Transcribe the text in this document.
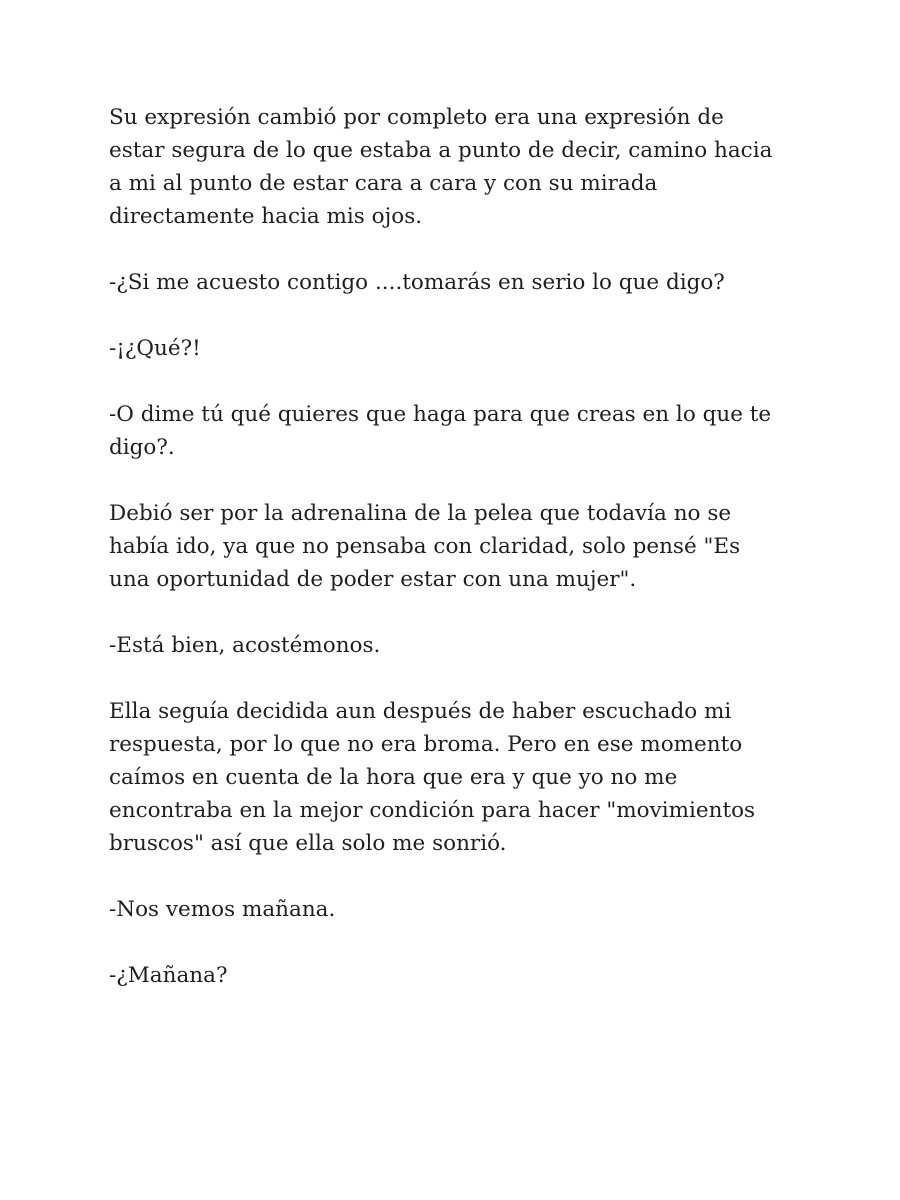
Su expresión cambió por completo era una expresión de
estar segura de lo que estaba a punto de decir, camino hacia
a mi al punto de estar cara a cara y con su mirada
directamente hacia mis ojos.

-¿Si me acuesto contigo ....tomarás en serio lo que digo?

-¡¿Qué?!

-O dime tú qué quieres que haga para que creas en lo que te
digo?.

Debió ser por la adrenalina de la pelea que todavía no se
había ido, ya que no pensaba con claridad, solo pensé "Es
una oportunidad de poder estar con una mujer".

-Está bien, acostémonos.

Ella seguía decidida aun después de haber escuchado mi
respuesta, por lo que no era broma. Pero en ese momento
caímos en cuenta de la hora que era y que yo no me
encontraba en la mejor condición para hacer "movimientos
bruscos" así que ella solo me sonrió.

-Nos vemos mañana.

-¿Mañana?
